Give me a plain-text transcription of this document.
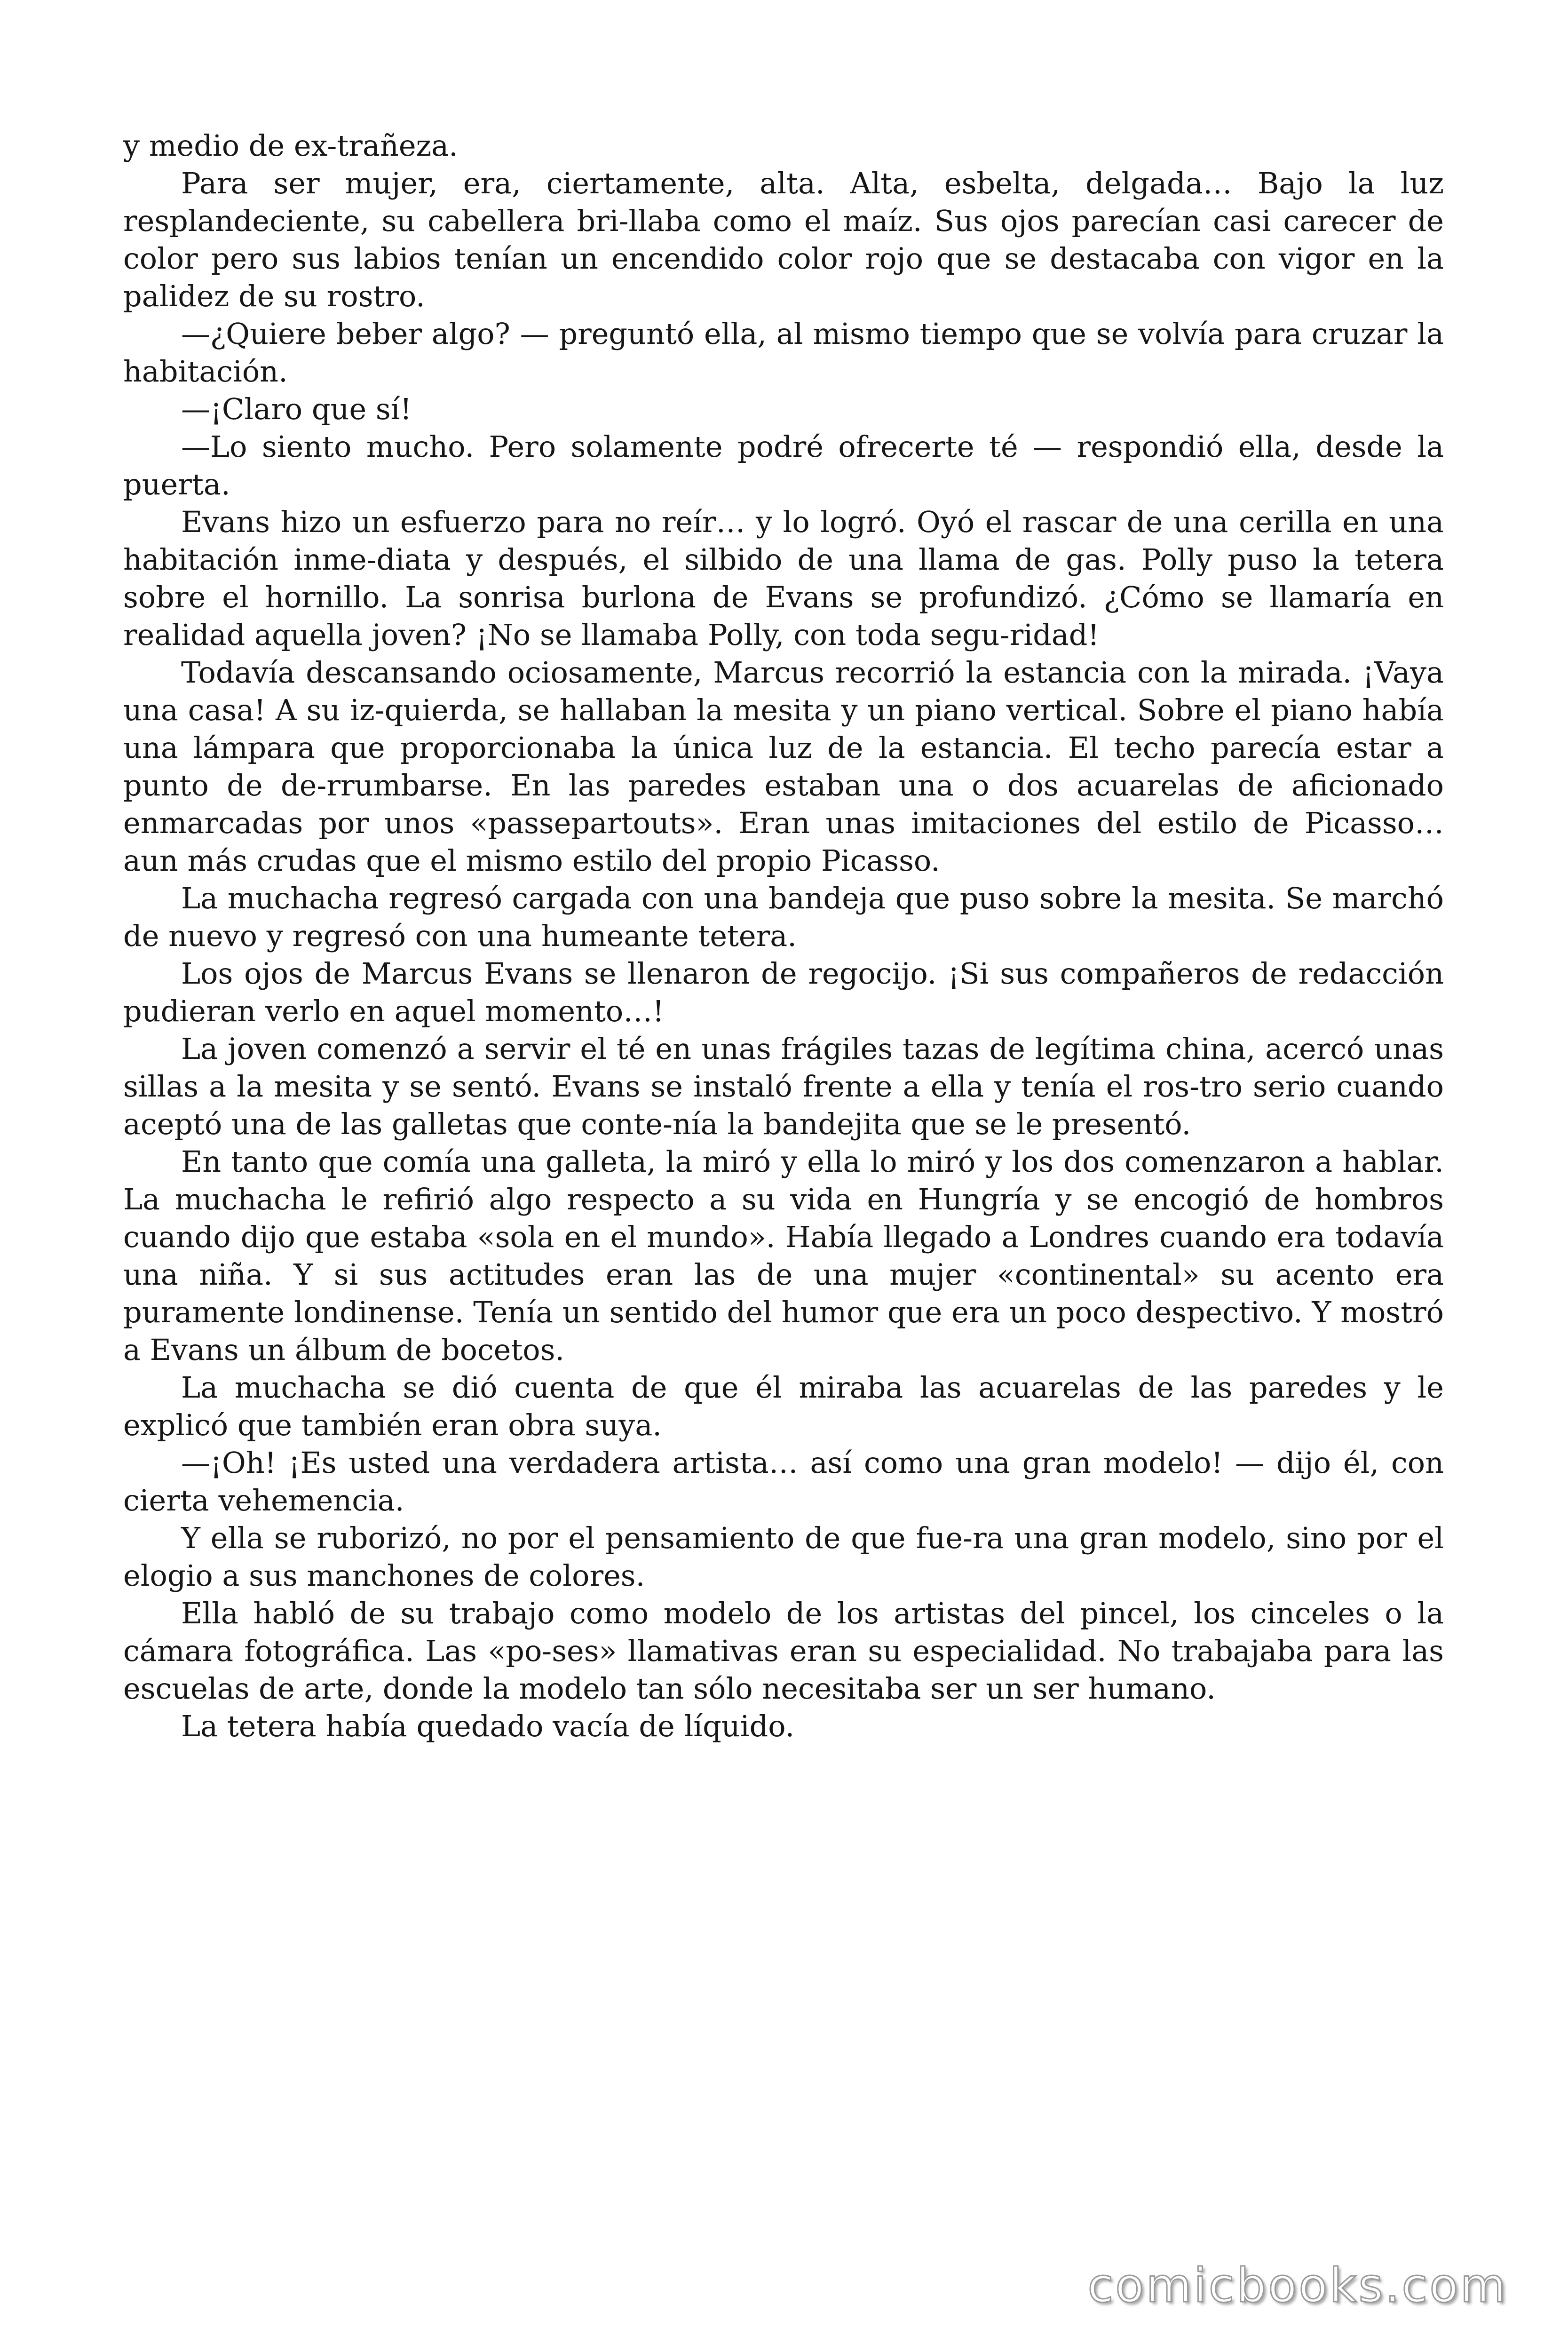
y medio de ex-trañeza.

Para ser mujer, era, ciertamente, alta. Alta, esbelta, delgada… Bajo la luz resplandeciente, su cabellera bri-llaba como el maíz. Sus ojos parecían casi carecer de color pero sus labios tenían un encendido color rojo que se destacaba con vigor en la palidez de su rostro.

—¿Quiere beber algo? — preguntó ella, al mismo tiempo que se volvía para cruzar la habitación.

—¡Claro que sí!

—Lo siento mucho. Pero solamente podré ofrecerte té — respondió ella, desde la puerta.

Evans hizo un esfuerzo para no reír… y lo logró. Oyó el rascar de una cerilla en una habitación inme-diata y después, el silbido de una llama de gas. Polly puso la tetera sobre el hornillo. La sonrisa burlona de Evans se profundizó. ¿Cómo se llamaría en realidad aquella joven? ¡No se llamaba Polly, con toda segu-ridad!

Todavía descansando ociosamente, Marcus recorrió la estancia con la mirada. ¡Vaya una casa! A su iz-quierda, se hallaban la mesita y un piano vertical. Sobre el piano había una lámpara que proporcionaba la única luz de la estancia. El techo parecía estar a punto de de-rrumbarse. En las paredes estaban una o dos acuarelas de aficionado enmarcadas por unos «passepartouts». Eran unas imitaciones del estilo de Picasso… aun más crudas que el mismo estilo del propio Picasso.

La muchacha regresó cargada con una bandeja que puso sobre la mesita. Se marchó de nuevo y regresó con una humeante tetera.

Los ojos de Marcus Evans se llenaron de regocijo. ¡Si sus compañeros de redacción pudieran verlo en aquel momento…!

La joven comenzó a servir el té en unas frágiles tazas de legítima china, acercó unas sillas a la mesita y se sentó. Evans se instaló frente a ella y tenía el ros-tro serio cuando aceptó una de las galletas que conte-nía la bandejita que se le presentó.

En tanto que comía una galleta, la miró y ella lo miró y los dos comenzaron a hablar. La muchacha le refirió algo respecto a su vida en Hungría y se encogió de hombros cuando dijo que estaba «sola en el mundo». Había llegado a Londres cuando era todavía una niña. Y si sus actitudes eran las de una mujer «continental» su acento era puramente londinense. Tenía un sentido del humor que era un poco despectivo. Y mostró a Evans un álbum de bocetos.

La muchacha se dió cuenta de que él miraba las acuarelas de las paredes y le explicó que también eran obra suya.

—¡Oh! ¡Es usted una verdadera artista… así como una gran modelo! — dijo él, con cierta vehemencia.

Y ella se ruborizó, no por el pensamiento de que fue-ra una gran modelo, sino por el elogio a sus manchones de colores.

Ella habló de su trabajo como modelo de los artistas del pincel, los cinceles o la cámara fotográfica. Las «po-ses» llamativas eran su especialidad. No trabajaba para las escuelas de arte, donde la modelo tan sólo necesitaba ser un ser humano.

La tetera había quedado vacía de líquido.

comicbooks.com
